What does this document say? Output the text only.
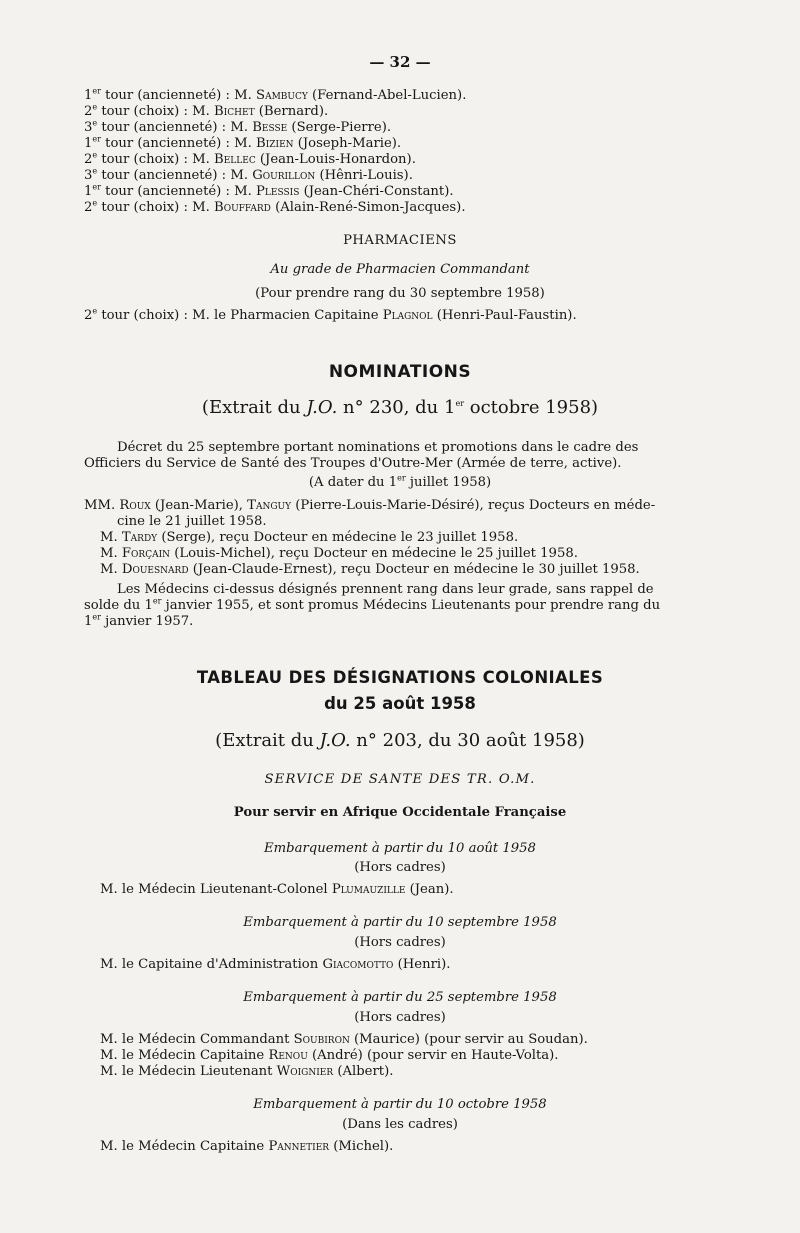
— 32 —
1er tour (ancienneté) : M. Sambucy (Fernand-Abel-Lucien).
2e tour (choix) : M. Bichet (Bernard).
3e tour (ancienneté) : M. Besse (Serge-Pierre).
1er tour (ancienneté) : M. Bizien (Joseph-Marie).
2e tour (choix) : M. Bellec (Jean-Louis-Honardon).
3e tour (ancienneté) : M. Gourillon (Hênri-Louis).
1er tour (ancienneté) : M. Plessis (Jean-Chéri-Constant).
2e tour (choix) : M. Bouffard (Alain-René-Simon-Jacques).
PHARMACIENS
Au grade de Pharmacien Commandant
(Pour prendre rang du 30 septembre 1958)
2e tour (choix) : M. le Pharmacien Capitaine Plagnol (Henri-Paul-Faustin).
NOMINATIONS
(Extrait du J.O. n° 230, du 1er octobre 1958)
Décret du 25 septembre portant nominations et promotions dans le cadre des
Officiers du Service de Santé des Troupes d'Outre-Mer (Armée de terre, active).
(A dater du 1er juillet 1958)
MM. Roux (Jean-Marie), Tanguy (Pierre-Louis-Marie-Désiré), reçus Docteurs en méde-
cine le 21 juillet 1958.
M. Tardy (Serge), reçu Docteur en médecine le 23 juillet 1958.
M. Forçain (Louis-Michel), reçu Docteur en médecine le 25 juillet 1958.
M. Douesnard (Jean-Claude-Ernest), reçu Docteur en médecine le 30 juillet 1958.
Les Médecins ci-dessus désignés prennent rang dans leur grade, sans rappel de
solde du 1er janvier 1955, et sont promus Médecins Lieutenants pour prendre rang du
1er janvier 1957.
TABLEAU DES DÉSIGNATIONS COLONIALES
du 25 août 1958
(Extrait du J.O. n° 203, du 30 août 1958)
SERVICE DE SANTE DES TR. O.M.
Pour servir en Afrique Occidentale Française
Embarquement à partir du 10 août 1958
(Hors cadres)
M. le Médecin Lieutenant-Colonel Plumauzille (Jean).
Embarquement à partir du 10 septembre 1958
(Hors cadres)
M. le Capitaine d'Administration Giacomotto (Henri).
Embarquement à partir du 25 septembre 1958
(Hors cadres)
M. le Médecin Commandant Soubiron (Maurice) (pour servir au Soudan).
M. le Médecin Capitaine Renou (André) (pour servir en Haute-Volta).
M. le Médecin Lieutenant Woignier (Albert).
Embarquement à partir du 10 octobre 1958
(Dans les cadres)
M. le Médecin Capitaine Pannetier (Michel).
